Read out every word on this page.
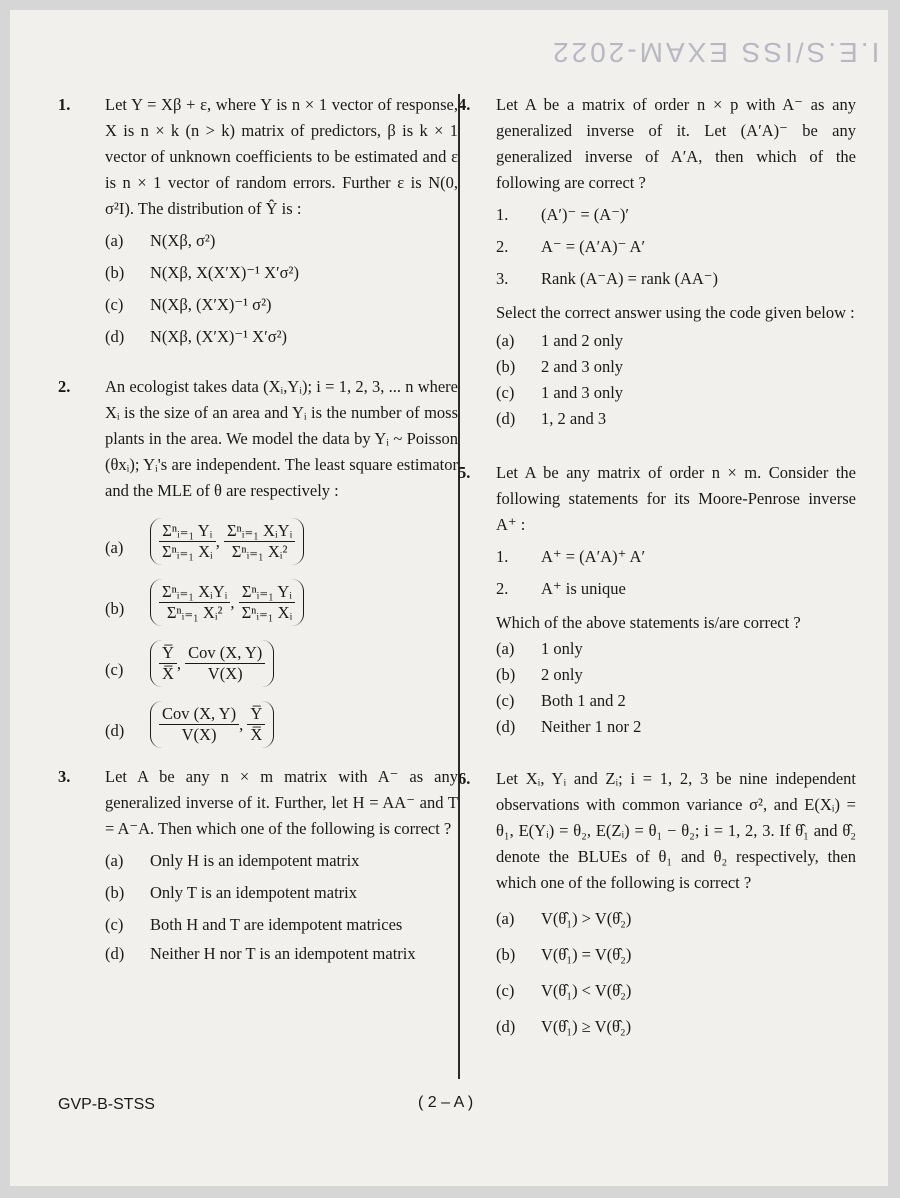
I.E.S/ISS EXAM-2022
1. Let Y = Xβ + ε, where Y is n × 1 vector of response, X is n × k (n > k) matrix of predictors, β is k × 1 vector of unknown coefficients to be estimated and ε is n × 1 vector of random errors. Further ε is N(0, σ²I). The distribution of Ŷ is :
(a) N(Xβ, σ²)
(b) N(Xβ, X(X′X)⁻¹ X′σ²)
(c) N(Xβ, (X′X)⁻¹ σ²)
(d) N(Xβ, (X′X)⁻¹ X′σ²)
2. An ecologist takes data (Xᵢ,Yᵢ); i = 1, 2, 3, ... n where Xᵢ is the size of an area and Yᵢ is the number of moss plants in the area. We model the data by Yᵢ ~ Poisson (θxᵢ); Yᵢ's are independent. The least square estimator and the MLE of θ are respectively :
$(a) \frac{\text{Σⁿᵢ₌₁ Yᵢ}}{\text{Σⁿᵢ₌₁ Xᵢ}}$ ,
$\frac{\text{Σⁿᵢ₌₁ XᵢYᵢ}}{\text{Σⁿᵢ₌₁ Xᵢ²}}$
$(b) \frac{\text{Σⁿᵢ₌₁ XᵢYᵢ}}{\text{Σⁿᵢ₌₁ Xᵢ²}}$ ,
$\frac{\text{Σⁿᵢ₌₁ Yᵢ}}{\text{Σⁿᵢ₌₁ Xᵢ}}$
$(c) \frac{Y̅}{X̅}$ ,
$\frac{\text{Cov (X, Y)}}{V(X)}$
$(d) \frac{\text{Cov (X, Y)}}{V(X)}$ ,
$\frac{Y̅}{X̅}$
3. Let A be any n × m matrix with A⁻ as any generalized inverse of it. Further, let H = AA⁻ and T = A⁻A. Then which one of the following is correct ?
(a) Only H is an idempotent matrix
(b) Only T is an idempotent matrix
(c) Both H and T are idempotent matrices
(d) Neither H nor T is an idempotent matrix
4. Let A be a matrix of order n × p with A⁻ as any generalized inverse of it. Let (A′A)⁻ be any generalized inverse of A′A, then which of the following are correct ?
1. (A′)⁻ = (A⁻)′
2. A⁻ = (A′A)⁻ A′
3. Rank (A⁻A) = rank (AA⁻)
Select the correct answer using the code given below :
(a) 1 and 2 only
(b) 2 and 3 only
(c) 1 and 3 only
(d) 1, 2 and 3
5. Let A be any matrix of order n × m. Consider the following statements for its Moore-Penrose inverse A⁺ :
1. A⁺ = (A′A)⁺ A′
2. A⁺ is unique
Which of the above statements is/are correct ?
(a) 1 only
(b) 2 only
(c) Both 1 and 2
(d) Neither 1 nor 2
6. Let Xᵢ, Yᵢ and Zᵢ; i = 1, 2, 3 be nine independent observations with common variance σ², and E(Xᵢ) = θ₁, E(Yᵢ) = θ₂, E(Zᵢ) = θ₁ − θ₂; i = 1, 2, 3. If θ̂₁ and θ̂₂ denote the BLUEs of θ₁ and θ₂ respectively, then which one of the following is correct ?
(a) V(θ̂₁) > V(θ̂₂)
(b) V(θ̂₁) = V(θ̂₂)
(c) V(θ̂₁) < V(θ̂₂)
(d) V(θ̂₁) ≥ V(θ̂₂)
GVP-B-STSS	( 2 – A )
